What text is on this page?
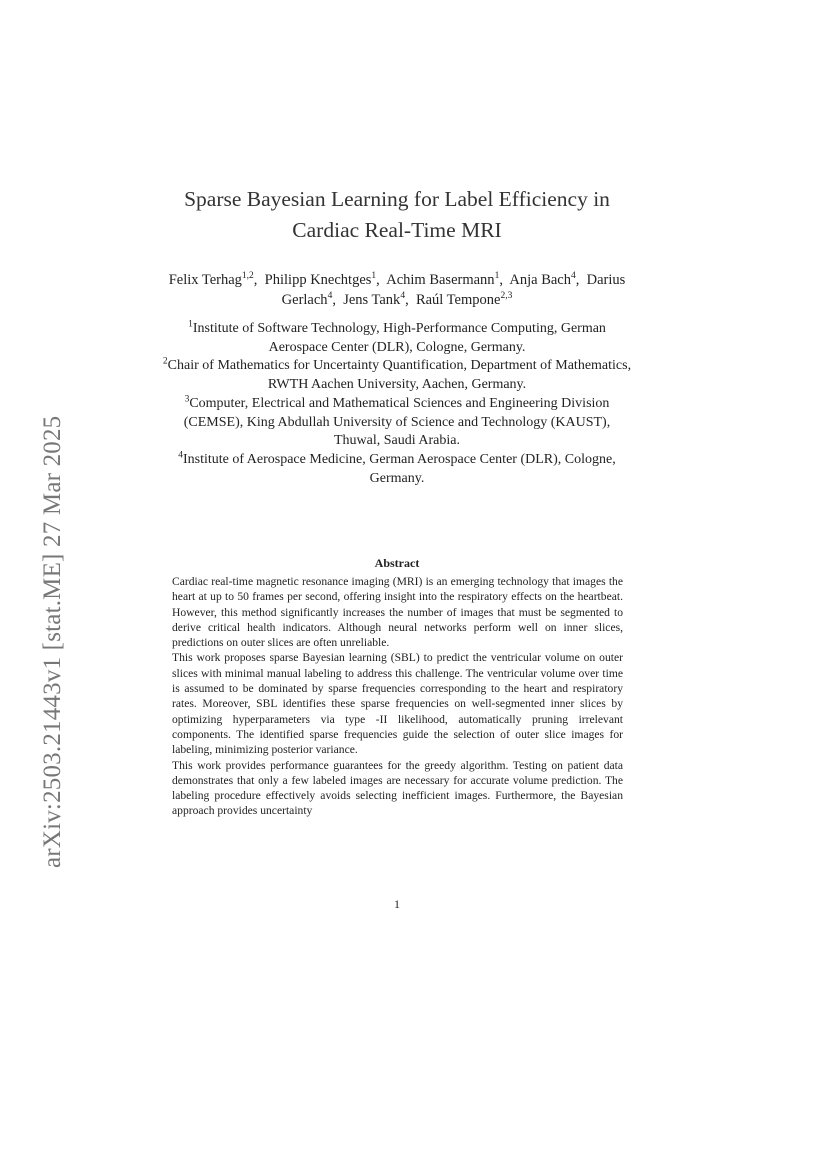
arXiv:2503.21443v1 [stat.ME] 27 Mar 2025
Sparse Bayesian Learning for Label Efficiency in Cardiac Real-Time MRI
Felix Terhag$^{1,2}$,  Philipp Knechtges$^1$,  Achim Basermann$^1$,  Anja Bach$^4$,  Darius Gerlach$^4$,  Jens Tank$^4$,  Raúl Tempone$^{2,3}$
$^1$Institute of Software Technology, High-Performance Computing, German Aerospace Center (DLR), Cologne, Germany.
$^2$Chair of Mathematics for Uncertainty Quantification, Department of Mathematics, RWTH Aachen University, Aachen, Germany.
$^3$Computer, Electrical and Mathematical Sciences and Engineering Division (CEMSE), King Abdullah University of Science and Technology (KAUST), Thuwal, Saudi Arabia.
$^4$Institute of Aerospace Medicine, German Aerospace Center (DLR), Cologne, Germany.
Abstract

Cardiac real-time magnetic resonance imaging (MRI) is an emerging technology that images the heart at up to 50 frames per second, offering insight into the respiratory effects on the heartbeat. However, this method significantly increases the number of images that must be segmented to derive critical health indicators. Although neural networks perform well on inner slices, predictions on outer slices are often unreliable.

This work proposes sparse Bayesian learning (SBL) to predict the ventricular volume on outer slices with minimal manual labeling to address this challenge. The ventricular volume over time is assumed to be dominated by sparse frequencies corresponding to the heart and respiratory rates. Moreover, SBL identifies these sparse frequencies on well-segmented inner slices by optimizing hyperparameters via type -II likelihood, automatically pruning irrelevant components. The identified sparse frequencies guide the selection of outer slice images for labeling, minimizing posterior variance.

This work provides performance guarantees for the greedy algorithm. Testing on patient data demonstrates that only a few labeled images are necessary for accurate volume prediction. The labeling procedure effectively avoids selecting inefficient images. Furthermore, the Bayesian approach provides uncertainty

1
